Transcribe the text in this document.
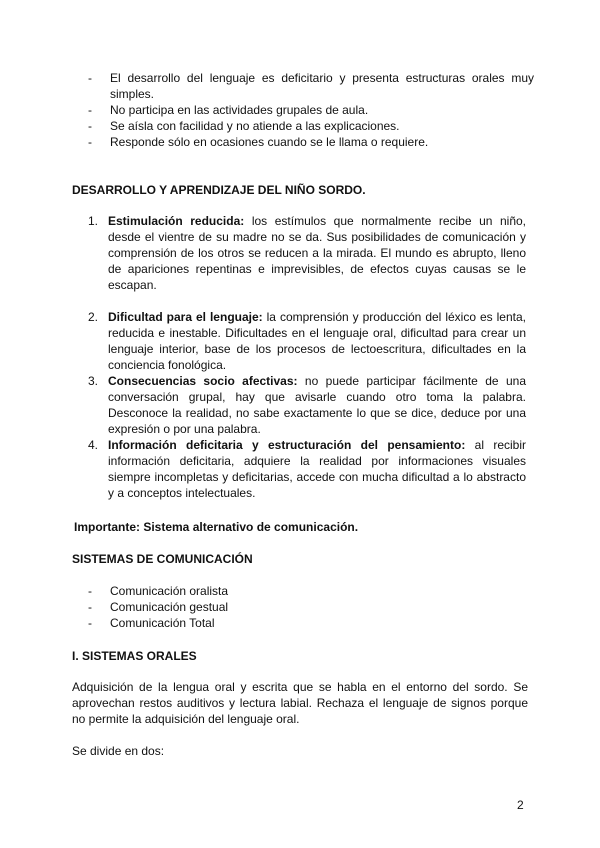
- El desarrollo del lenguaje es deficitario y presenta estructuras orales muy simples.
- No participa en las actividades grupales de aula.
- Se aísla con facilidad y no atiende a las explicaciones.
- Responde sólo en ocasiones cuando se le llama o requiere.

DESARROLLO Y APRENDIZAJE DEL NIÑO SORDO.

1. Estimulación reducida: los estímulos que normalmente recibe un niño, desde el vientre de su madre no se da. Sus posibilidades de comunicación y comprensión de los otros se reducen a la mirada. El mundo es abrupto, lleno de apariciones repentinas e imprevisibles, de efectos cuyas causas se le escapan.
2. Dificultad para el lenguaje: la comprensión y producción del léxico es lenta, reducida e inestable. Dificultades en el lenguaje oral, dificultad para crear un lenguaje interior, base de los procesos de lectoescritura, dificultades en la conciencia fonológica.
3. Consecuencias socio afectivas: no puede participar fácilmente de una conversación grupal, hay que avisarle cuando otro toma la palabra. Desconoce la realidad, no sabe exactamente lo que se dice, deduce por una expresión o por una palabra.
4. Información deficitaria y estructuración del pensamiento: al recibir información deficitaria, adquiere la realidad por informaciones visuales siempre incompletas y deficitarias, accede con mucha dificultad a lo abstracto y a conceptos intelectuales.

Importante: Sistema alternativo de comunicación.

SISTEMAS DE COMUNICACIÓN

- Comunicación oralista
- Comunicación gestual
- Comunicación Total

I. SISTEMAS ORALES

Adquisición de la lengua oral y escrita que se habla en el entorno del sordo. Se aprovechan restos auditivos y lectura labial. Rechaza el lenguaje de signos porque no permite la adquisición del lenguaje oral.

Se divide en dos:

2
